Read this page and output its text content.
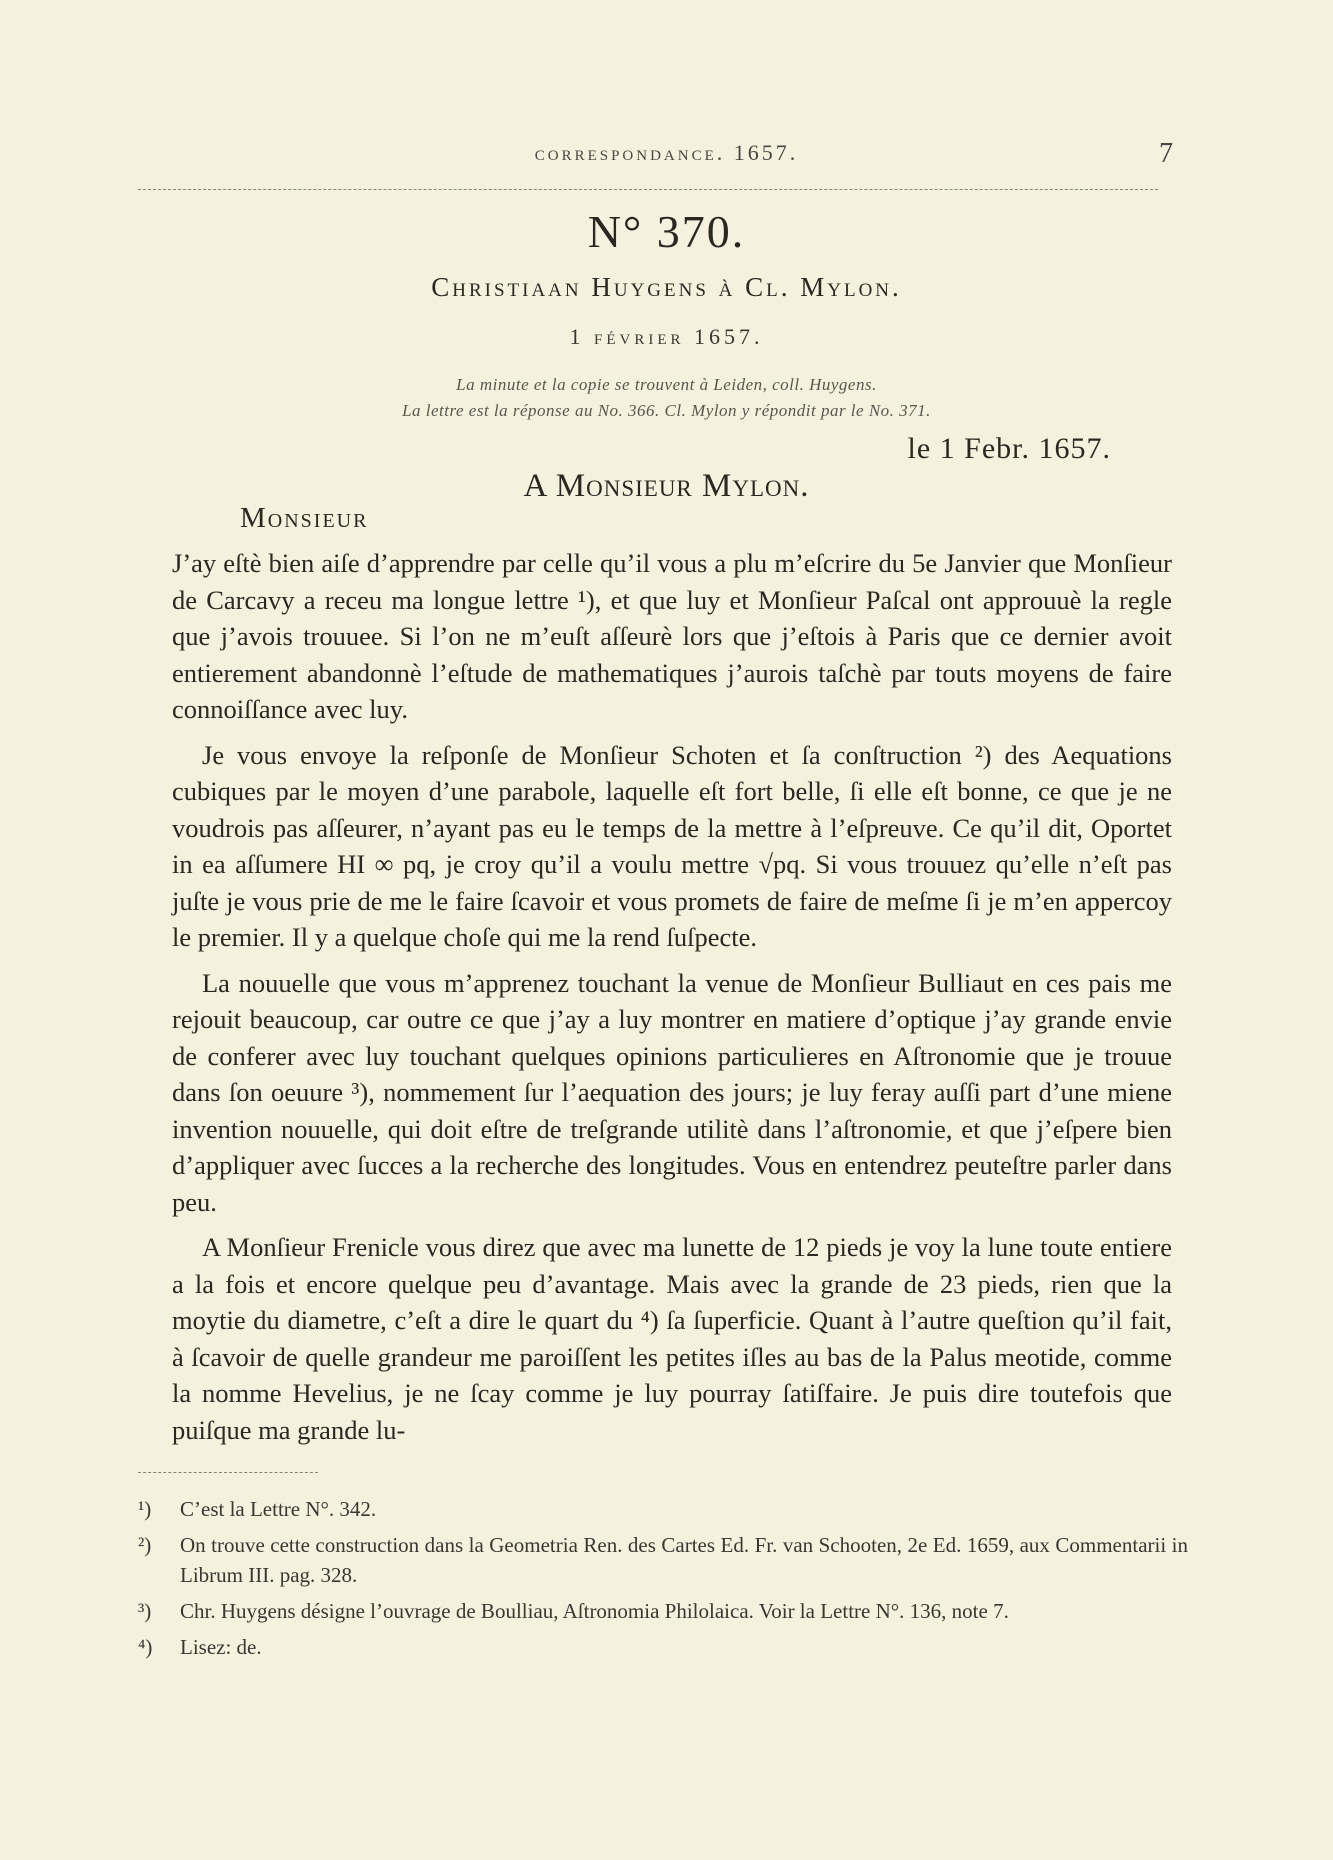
correspondance. 1657.	7
N° 370.
Christiaan Huygens à Cl. Mylon.
1 février 1657.
La minute et la copie se trouvent à Leiden, coll. Huygens.
La lettre est la réponse au No. 366. Cl. Mylon y répondit par le No. 371.
le 1 Febr. 1657.
A Monſieur Mylon.
Monsieur

J’ay eſtè bien aiſe d’apprendre par celle qu’il vous a plu m’eſcrire du 5e Janvier que Monſieur de Carcavy a receu ma longue lettre ¹), et que luy et Monſieur Paſcal ont approuuè la regle que j’avois trouuee. Si l’on ne m’euſt aſſeurè lors que j’eſtois à Paris que ce dernier avoit entierement abandonnè l’eſtude de mathematiques j’aurois taſchè par touts moyens de faire connoiſſance avec luy.

Je vous envoye la reſponſe de Monſieur Schoten et ſa conſtruction ²) des Aequations cubiques par le moyen d’une parabole, laquelle eſt fort belle, ſi elle eſt bonne, ce que je ne voudrois pas aſſeurer, n’ayant pas eu le temps de la mettre à l’eſpreuve. Ce qu’il dit, Oportet in ea aſſumere HI ∞ pq, je croy qu’il a voulu mettre √pq. Si vous trouuez qu’elle n’eſt pas juſte je vous prie de me le faire ſcavoir et vous promets de faire de meſme ſi je m’en appercoy le premier. Il y a quelque choſe qui me la rend ſuſpecte.

La nouuelle que vous m’apprenez touchant la venue de Monſieur Bulliaut en ces pais me rejouit beaucoup, car outre ce que j’ay a luy montrer en matiere d’optique j’ay grande envie de conferer avec luy touchant quelques opinions particulieres en Aſtronomie que je trouue dans ſon oeuure ³), nommement ſur l’aequation des jours; je luy feray auſſi part d’une miene invention nouuelle, qui doit eſtre de treſgrande utilitè dans l’aſtronomie, et que j’eſpere bien d’appliquer avec ſucces a la recherche des longitudes. Vous en entendrez peuteſtre parler dans peu.

A Monſieur Frenicle vous direz que avec ma lunette de 12 pieds je voy la lune toute entiere a la fois et encore quelque peu d’avantage. Mais avec la grande de 23 pieds, rien que la moytie du diametre, c’eſt a dire le quart du ⁴) ſa ſuperficie. Quant à l’autre queſtion qu’il fait, à ſcavoir de quelle grandeur me paroiſſent les petites iſles au bas de la Palus meotide, comme la nomme Hevelius, je ne ſcay comme je luy pourray ſatiſfaire. Je puis dire toutefois que puiſque ma grande lu-

¹) C’est la Lettre N°. 342.
²) On trouve cette construction dans la Geometria Ren. des Cartes Ed. Fr. van Schooten, 2e Ed. 1659, aux Commentarii in Librum III. pag. 328.
³) Chr. Huygens désigne l’ouvrage de Boulliau, Aſtronomia Philolaica. Voir la Lettre N°. 136, note 7.
⁴) Lisez: de.
